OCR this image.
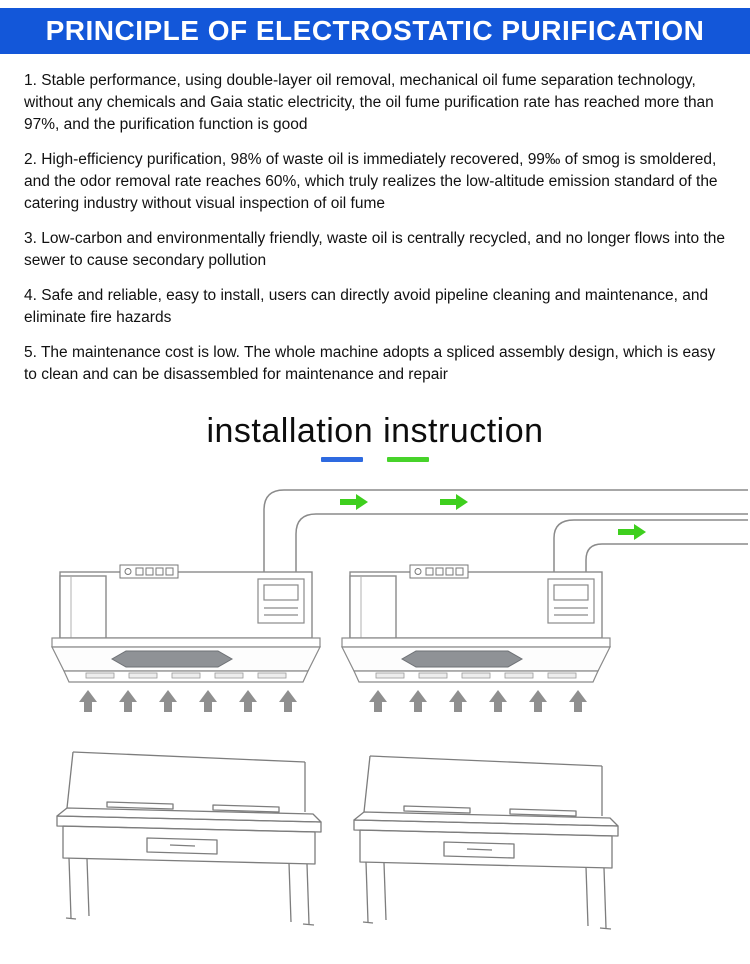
PRINCIPLE OF ELECTROSTATIC PURIFICATION

1. Stable performance, using double-layer oil removal, mechanical oil fume separation technology, without any chemicals and Gaia static electricity, the oil fume purification rate has reached more than 97%, and the purification function is good

2. High-efficiency purification, 98% of waste oil is immediately recovered, 99‰ of smog is smoldered, and the odor removal rate reaches 60%, which truly realizes the low-altitude emission standard of the catering industry without visual inspection of oil fume

3. Low-carbon and environmentally friendly, waste oil is centrally recycled, and no longer flows into the sewer to cause secondary pollution

4. Safe and reliable, easy to install, users can directly avoid pipeline cleaning and maintenance, and eliminate fire hazards

5. The maintenance cost is low. The whole machine adopts a spliced assembly design, which is easy to clean and can be disassembled for maintenance and repair

installation instruction
